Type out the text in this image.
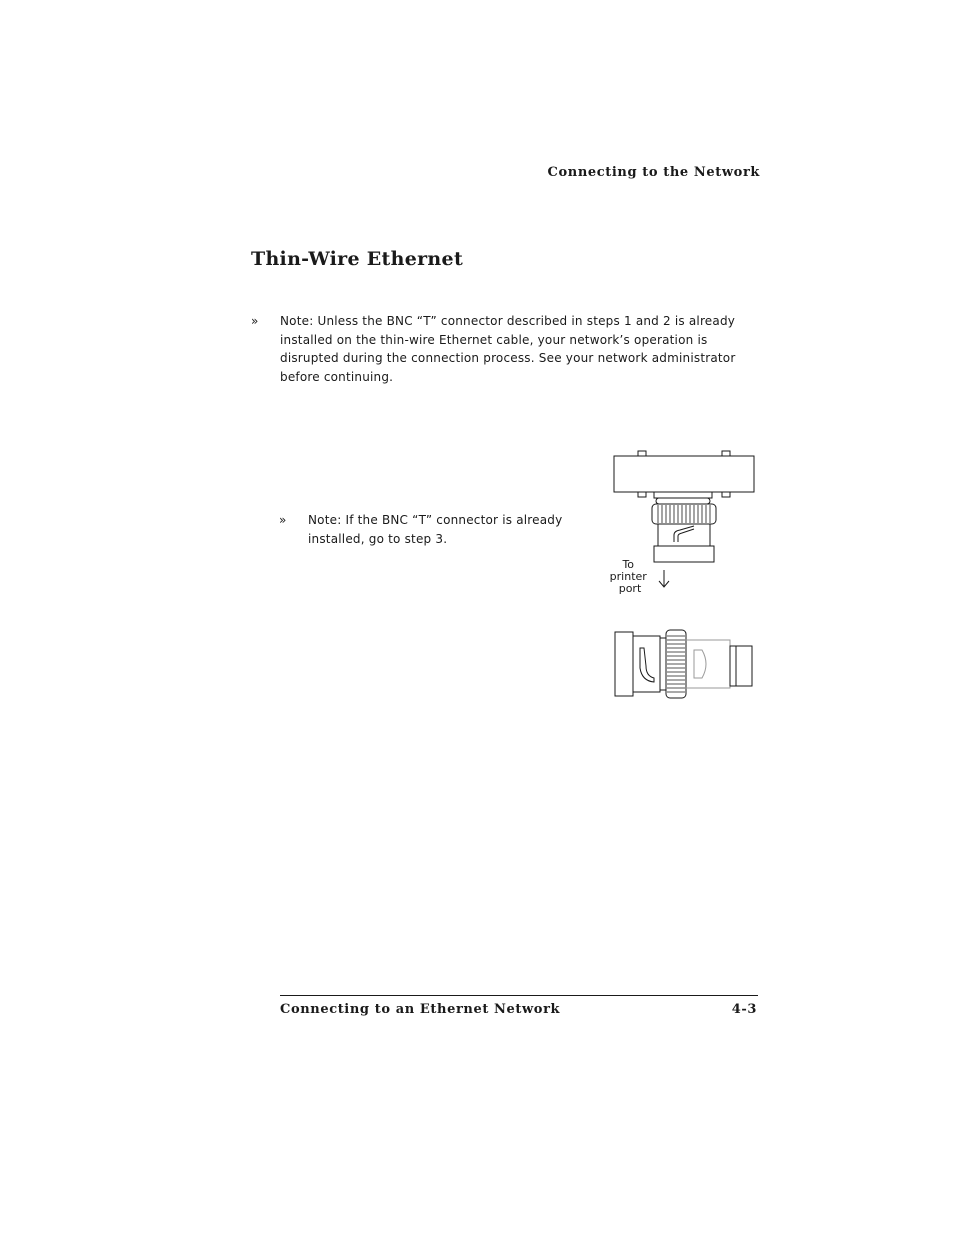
Connecting to the Network
Thin-Wire Ethernet
» Note: Unless the BNC “T” connector described in steps 1 and 2 is already
installed on the thin-wire Ethernet cable, your network’s operation is
disrupted during the connection process. See your network administrator
before continuing.
» Note: If the BNC “T” connector is already
installed, go to step 3.
To printer port
Connecting to an Ethernet Network	4-3
